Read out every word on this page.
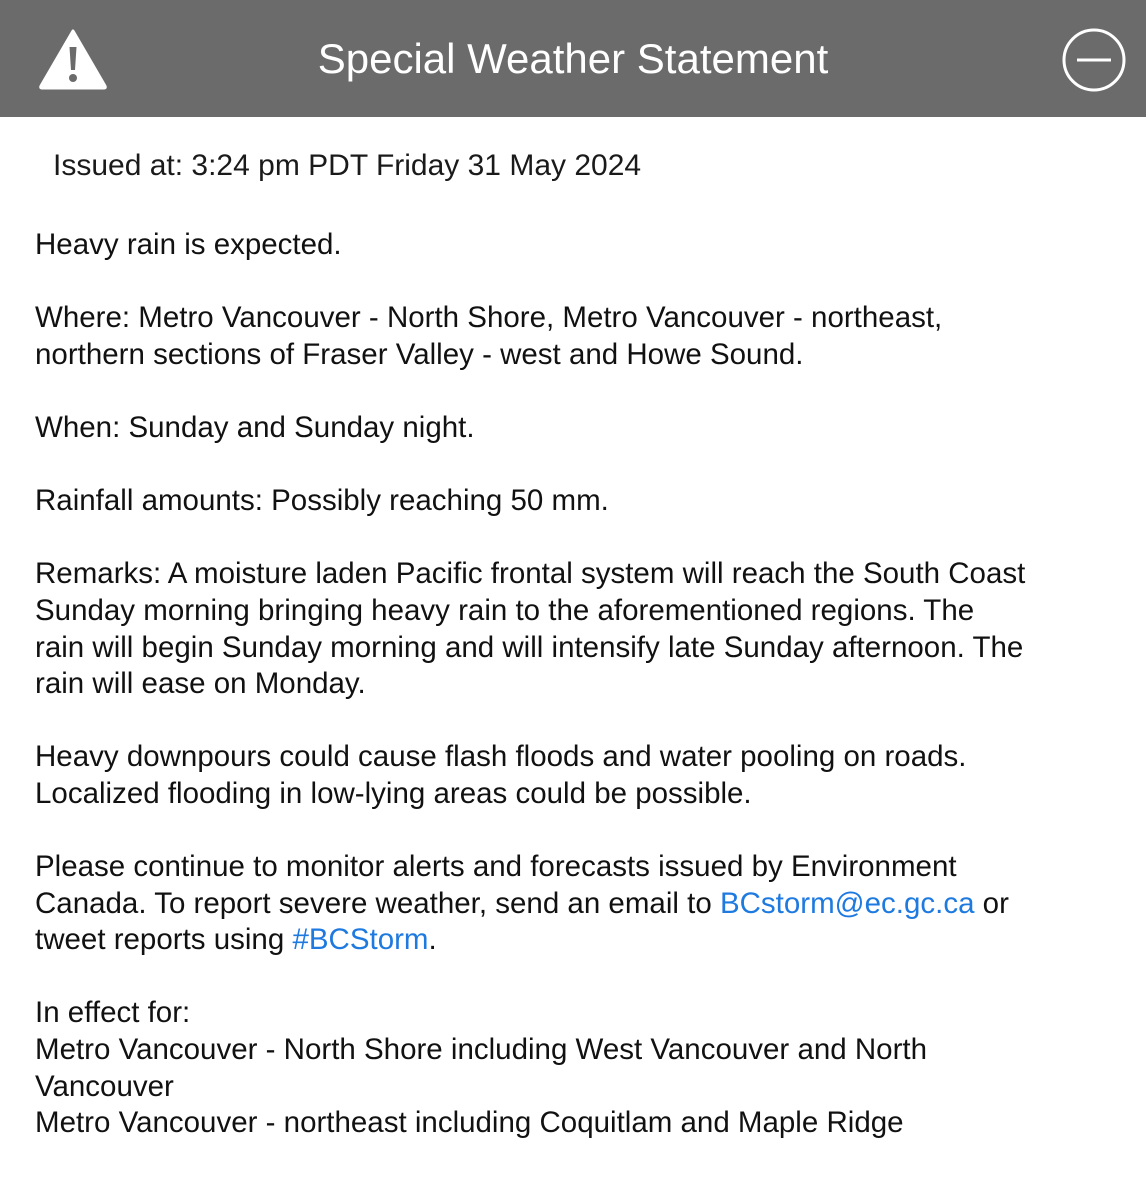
Special Weather Statement
Issued at: 3:24 pm PDT Friday 31 May 2024

Heavy rain is expected.

Where: Metro Vancouver - North Shore, Metro Vancouver - northeast,
northern sections of Fraser Valley - west and Howe Sound.

When: Sunday and Sunday night.

Rainfall amounts: Possibly reaching 50 mm.

Remarks: A moisture laden Pacific frontal system will reach the South Coast
Sunday morning bringing heavy rain to the aforementioned regions. The
rain will begin Sunday morning and will intensify late Sunday afternoon. The
rain will ease on Monday.

Heavy downpours could cause flash floods and water pooling on roads.
Localized flooding in low-lying areas could be possible.

Please continue to monitor alerts and forecasts issued by Environment
Canada. To report severe weather, send an email to BCstorm@ec.gc.ca or
tweet reports using #BCStorm.

In effect for:
Metro Vancouver - North Shore including West Vancouver and North
Vancouver
Metro Vancouver - northeast including Coquitlam and Maple Ridge
